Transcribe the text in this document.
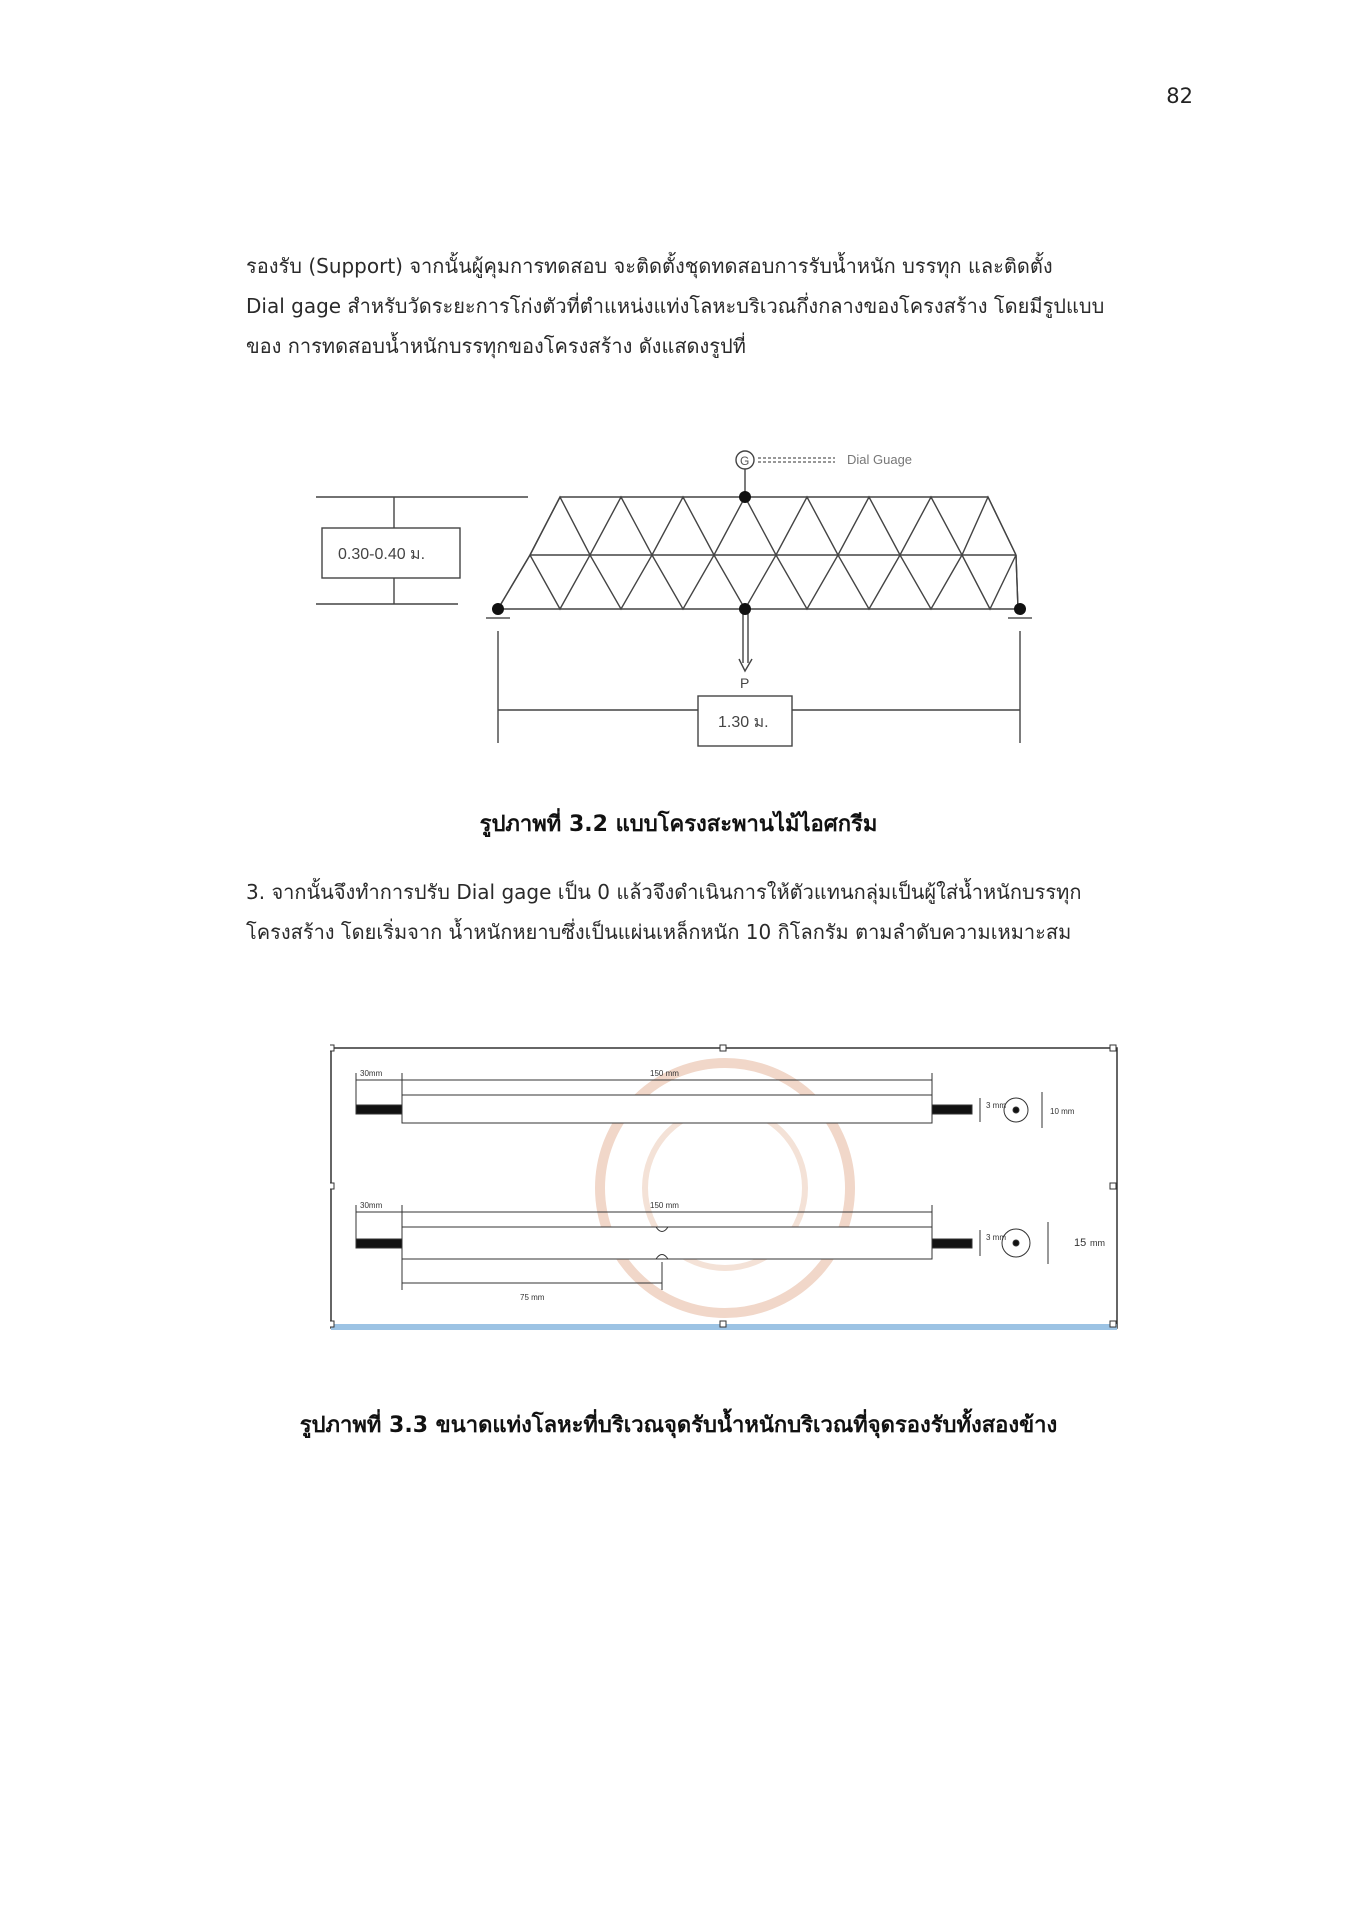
82

รองรับ (Support) จากนั้นผู้คุมการทดสอบ จะติดตั้งชุดทดสอบการรับน้ำหนัก บรรทุก และติดตั้ง
Dial gage สำหรับวัดระยะการโก่งตัวที่ตำแหน่งแท่งโลหะบริเวณกึ่งกลางของโครงสร้าง โดยมีรูปแบบ
ของ การทดสอบน้ำหนักบรรทุกของโครงสร้าง ดังแสดงรูปที่

G	Dial Guage
0.30-0.40 ม.
P
1.30 ม.
รูปภาพที่ 3.2 แบบโครงสะพานไม้ไอศกรีม

3. จากนั้นจึงทำการปรับ Dial gage เป็น 0 แล้วจึงดำเนินการให้ตัวแทนกลุ่มเป็นผู้ใส่น้ำหนักบรรทุก
โครงสร้าง โดยเริ่มจาก น้ำหนักหยาบซึ่งเป็นแผ่นเหล็กหนัก 10 กิโลกรัม ตามลำดับความเหมาะสม

150 mm
30mm
3 mm
10 mm
150 mm
30mm
3 mm
75 mm
15 mm
รูปภาพที่ 3.3 ขนาดแท่งโลหะที่บริเวณจุดรับน้ำหนักบริเวณที่จุดรองรับทั้งสองข้าง
